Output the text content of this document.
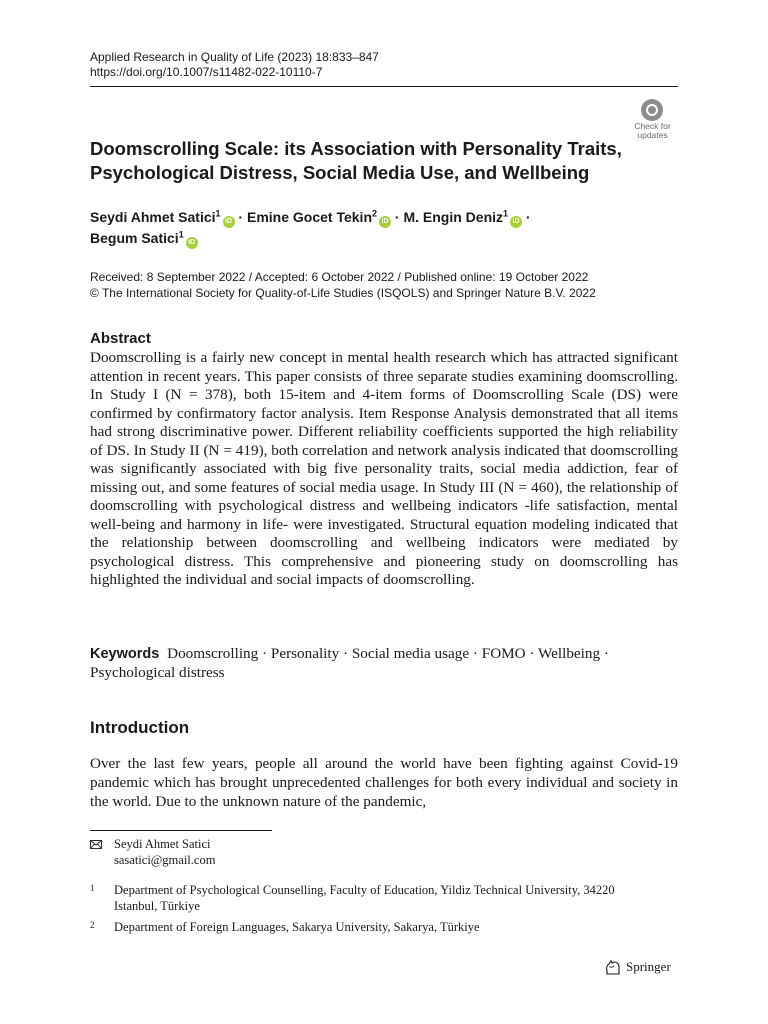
Applied Research in Quality of Life (2023) 18:833–847
https://doi.org/10.1007/s11482-022-10110-7
Check for updates
Doomscrolling Scale: its Association with Personality Traits, Psychological Distress, Social Media Use, and Wellbeing
Seydi Ahmet Satici$^1$iD · Emine Gocet Tekin$^2$iD · M. Engin Deniz$^1$iD ·
Begum Satici$^1$iD
Received: 8 September 2022 / Accepted: 6 October 2022 / Published online: 19 October 2022
© The International Society for Quality-of-Life Studies (ISQOLS) and Springer Nature B.V. 2022
Abstract

Doomscrolling is a fairly new concept in mental health research which has attracted significant attention in recent years. This paper consists of three separate studies examining doomscrolling. In Study I (N = 378), both 15-item and 4-item forms of Doomscrolling Scale (DS) were confirmed by confirmatory factor analysis. Item Response Analysis demonstrated that all items had strong discriminative power. Different reliability coefficients supported the high reliability of DS. In Study II (N = 419), both correlation and network analysis indicated that doomscrolling was significantly associated with big five personality traits, social media addiction, fear of missing out, and some features of social media usage. In Study III (N = 460), the relationship of doomscrolling with psychological distress and wellbeing indicators -life satisfaction, mental well-being and harmony in life- were investigated. Structural equation modeling indicated that the relationship between doomscrolling and wellbeing indicators were mediated by psychological distress. This comprehensive and pioneering study on doomscrolling has highlighted the individual and social impacts of doomscrolling.

Keywords Doomscrolling · Personality · Social media usage · FOMO · Wellbeing · Psychological distress
Introduction

Over the last few years, people all around the world have been fighting against Covid-19 pandemic which has brought unprecedented challenges for both every individual and society in the world. Due to the unknown nature of the pandemic,

Seydi Ahmet Satici
sasatici@gmail.com
1 Department of Psychological Counselling, Faculty of Education, Yildiz Technical University, 34220 Istanbul, Türkiye
2 Department of Foreign Languages, Sakarya University, Sakarya, Türkiye
Springer
